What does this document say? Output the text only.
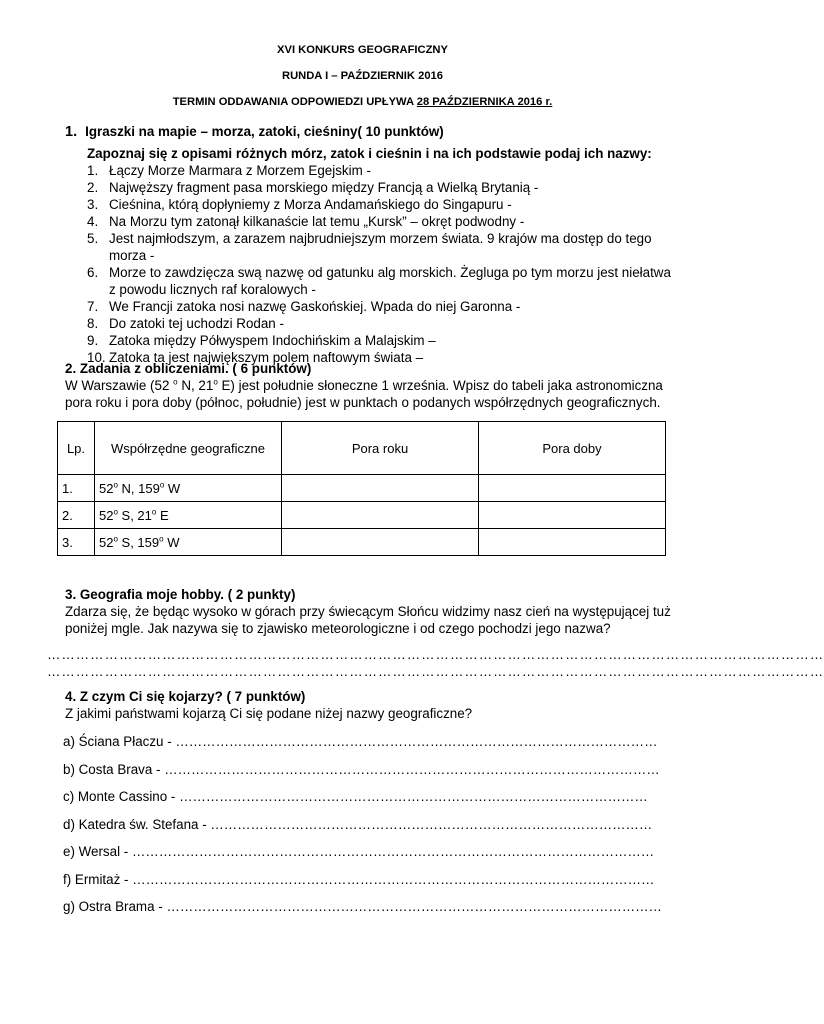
XVI KONKURS GEOGRAFICZNY
RUNDA I – PAŹDZIERNIK 2016
TERMIN ODDAWANIA ODPOWIEDZI UPŁYWA 28 PAŹDZIERNIKA 2016 r.
1. Igraszki na mapie – morza, zatoki, cieśniny( 10 punktów)
Zapoznaj się z opisami różnych mórz, zatok i cieśnin i na ich podstawie podaj ich nazwy:
1. Łączy Morze Marmara z Morzem Egejskim -
2. Najwęższy fragment pasa morskiego między Francją a Wielką Brytanią -
3. Cieśnina, którą dopłyniemy z Morza Andamańskiego do Singapuru -
4. Na Morzu tym zatonął kilkanaście lat temu „Kursk” – okręt podwodny -
5. Jest najmłodszym, a zarazem najbrudniejszym morzem świata. 9 krajów ma dostęp do tego
morza -
6. Morze to zawdzięcza swą nazwę od gatunku alg morskich. Żegluga po tym morzu jest niełatwa
z powodu licznych raf koralowych -
7. We Francji zatoka nosi nazwę Gaskońskiej. Wpada do niej Garonna -
8. Do zatoki tej uchodzi Rodan -
9. Zatoka między Półwyspem Indochińskim a Malajskim –
10. Zatoka ta jest największym polem naftowym świata –
2. Zadania z obliczeniami. ( 6 punktów)
W Warszawie (52 $^o$ N, 21$^o$ E) jest południe słoneczne 1 września. Wpisz do tabeli jaka astronomiczna
pora roku i pora doby (północ, południe) jest w punktach o podanych współrzędnych geograficznych.
Lp.	Współrzędne geograficzne	Pora roku	Pora doby
1.	52$^o$ N, 159$^o$ W		
2.	52$^o$ S, 21$^o$ E		
3.	52$^o$ S, 159$^o$ W		
3. Geografia moje hobby. ( 2 punkty)
Zdarza się, że będąc wysoko w górach przy świecącym Słońcu widzimy nasz cień na występującej tuż
poniżej mgle. Jak nazywa się to zjawisko meteorologiczne i od czego pochodzi jego nazwa?
………………………………………………………………………………………………………………………………………………
………………………………………………………………………………………………………………………………………………
4. Z czym Ci się kojarzy? ( 7 punktów)
Z jakimi państwami kojarzą Ci się podane niżej nazwy geograficzne?
a) Ściana Płaczu - ………………………………………………………………………………………………
b) Costa Brava - …………………………………………………………………………………………………
c) Monte Cassino - ……………………………………………………………………………………………
d) Katedra św. Stefana - ………………………………………………………………………………………
e) Wersal - ………………………………………………………………………………………………………
f) Ermitaż - ………………………………………………………………………………………………………
g) Ostra Brama - …………………………………………………………………………………………………
